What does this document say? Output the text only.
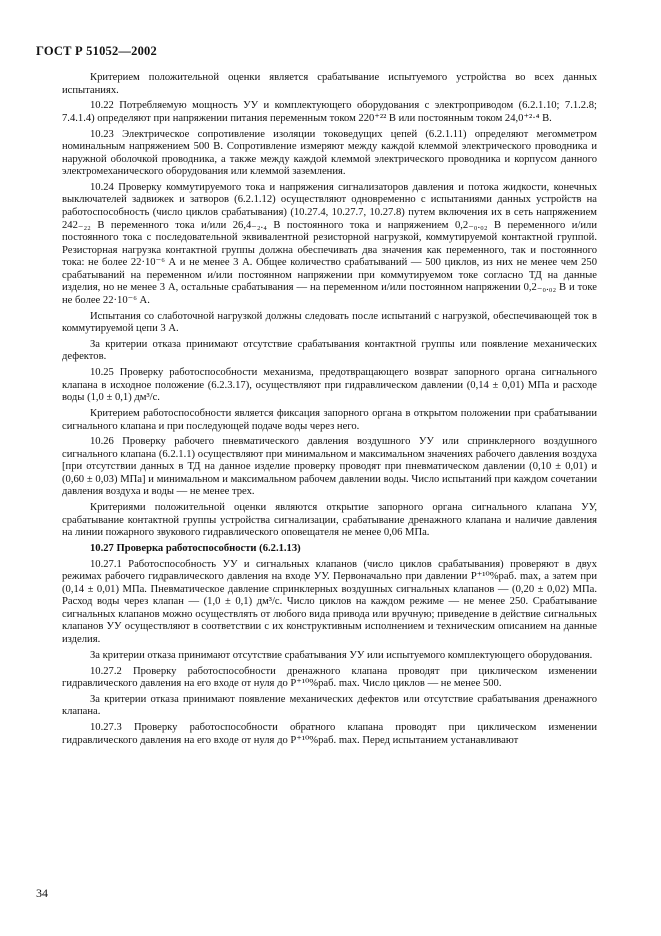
ГОСТ Р 51052—2002

Критерием положительной оценки является срабатывание испытуемого устройства во всех данных испытаниях.

10.22 Потребляемую мощность УУ и комплектующего оборудования с электроприводом (6.2.1.10; 7.1.2.8; 7.4.1.4) определяют при напряжении питания переменным током 220⁺²² В или постоянным током 24,0⁺²·⁴ В.

10.23 Электрическое сопротивление изоляции токоведущих цепей (6.2.1.11) определяют мегомметром номинальным напряжением 500 В. Сопротивление измеряют между каждой клеммой электрического проводника и наружной оболочкой проводника, а также между каждой клеммой электрического проводника и корпусом данного электромеханического оборудования или клеммой заземления.

10.24 Проверку коммутируемого тока и напряжения сигнализаторов давления и потока жидкости, конечных выключателей задвижек и затворов (6.2.1.12) осуществляют одновременно с испытаниями данных устройств на работоспособность (число циклов срабатывания) (10.27.4, 10.27.7, 10.27.8) путем включения их в сеть напряжением 242₋₂₂ В переменного тока и/или 26,4₋₂.₄ В постоянного тока и напряжением 0,2₋₀.₀₂ В переменного и/или постоянного тока с последовательной эквивалентной резисторной нагрузкой, коммутируемой контактной группой. Резисторная нагрузка контактной группы должна обеспечивать два значения как переменного, так и постоянного тока: не более 22·10⁻⁶ А и не менее 3 А. Общее количество срабатываний — 500 циклов, из них не менее чем 250 срабатываний на переменном и/или постоянном напряжении при коммутируемом токе согласно ТД на данные изделия, но не менее 3 А, остальные срабатывания — на переменном и/или постоянном напряжении 0,2₋₀.₀₂ В и токе не более 22·10⁻⁶ А.

Испытания со слаботочной нагрузкой должны следовать после испытаний с нагрузкой, обеспечивающей ток в коммутируемой цепи 3 А.

За критерии отказа принимают отсутствие срабатывания контактной группы или появление механических дефектов.

10.25 Проверку работоспособности механизма, предотвращающего возврат запорного органа сигнального клапана в исходное положение (6.2.3.17), осуществляют при гидравлическом давлении (0,14 ± 0,01) МПа и расходе воды (1,0 ± 0,1) дм³/с.

Критерием работоспособности является фиксация запорного органа в открытом положении при срабатывании сигнального клапана и при последующей подаче воды через него.

10.26 Проверку рабочего пневматического давления воздушного УУ или спринклерного воздушного сигнального клапана (6.2.1.1) осуществляют при минимальном и максимальном значениях рабочего давления воздуха [при отсутствии данных в ТД на данное изделие проверку проводят при пневматическом давлении (0,10 ± 0,01) и (0,60 ± 0,03) МПа] и минимальном и максимальном рабочем давлении воды. Число испытаний при каждом сочетании давления воздуха и воды — не менее трех.

Критериями положительной оценки являются открытие запорного органа сигнального клапана УУ, срабатывание контактной группы устройства сигнализации, срабатывание дренажного клапана и наличие давления на линии пожарного звукового гидравлического оповещателя не менее 0,06 МПа.

10.27 Проверка работоспособности (6.2.1.13)

10.27.1 Работоспособность УУ и сигнальных клапанов (число циклов срабатывания) проверяют в двух режимах рабочего гидравлического давления на входе УУ. Первоначально при давлении P⁺¹⁰%раб. max, а затем при (0,14 ± 0,01) МПа. Пневматическое давление спринклерных воздушных сигнальных клапанов — (0,20 ± 0,02) МПа. Расход воды через клапан — (1,0 ± 0,1) дм³/с. Число циклов на каждом режиме — не менее 250. Срабатывание сигнальных клапанов можно осуществлять от любого вида привода или вручную; приведение в действие сигнальных клапанов УУ осуществляют в соответствии с их конструктивным исполнением и техническим описанием на данные изделия.

За критерии отказа принимают отсутствие срабатывания УУ или испытуемого комплектующего оборудования.

10.27.2 Проверку работоспособности дренажного клапана проводят при циклическом изменении гидравлического давления на его входе от нуля до P⁺¹⁰%раб. max. Число циклов — не менее 500.

За критерии отказа принимают появление механических дефектов или отсутствие срабатывания дренажного клапана.

10.27.3 Проверку работоспособности обратного клапана проводят при циклическом изменении гидравлического давления на его входе от нуля до P⁺¹⁰%раб. max. Перед испытанием устанавливают

34
